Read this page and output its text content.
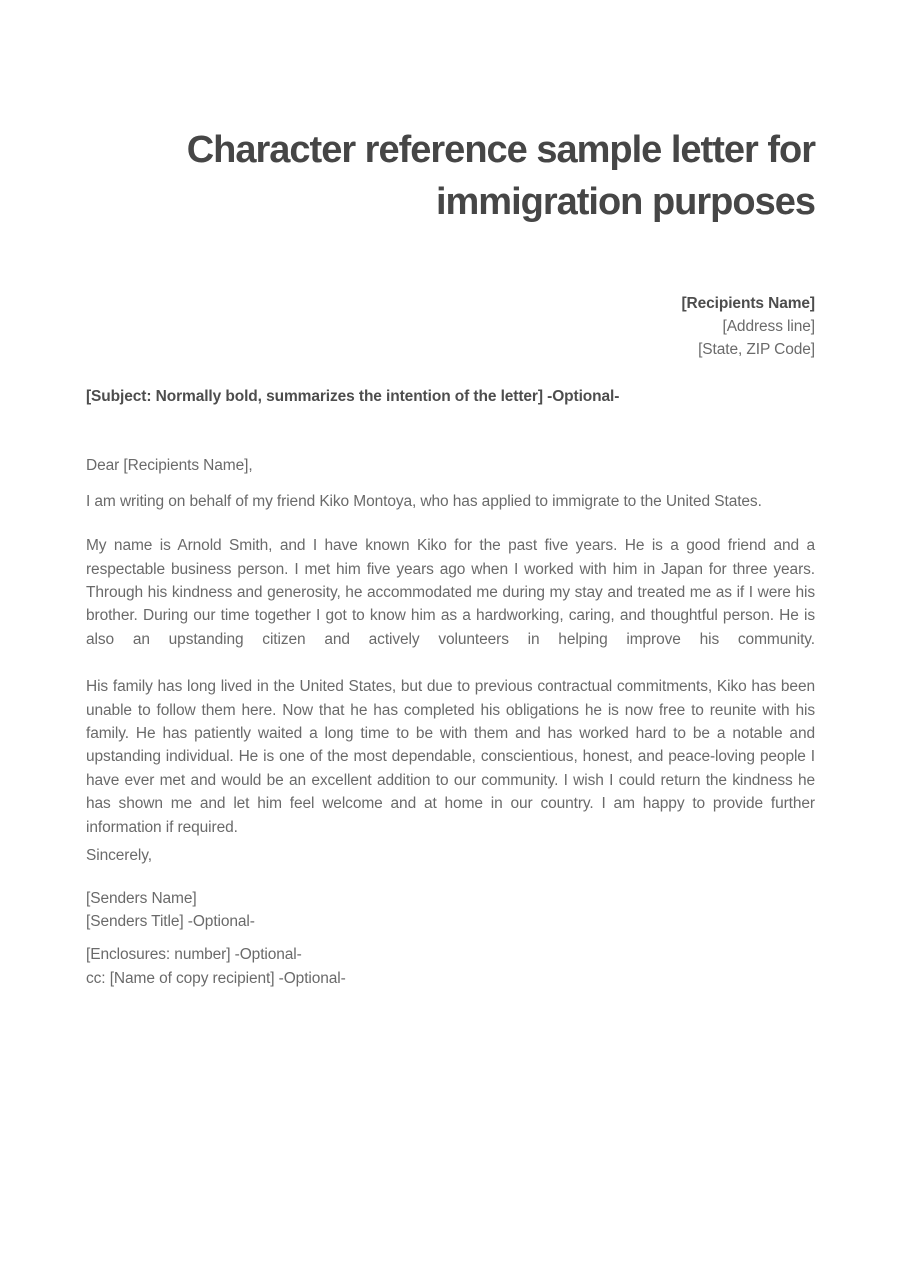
Character reference sample letter for
immigration purposes
[Recipients Name]
[Address line]
[State, ZIP Code]
[Subject: Normally bold, summarizes the intention of the letter] -Optional-
Dear [Recipients Name],

I am writing on behalf of my friend Kiko Montoya, who has applied to immigrate to the United States.

My name is Arnold Smith, and I have known Kiko for the past five years. He is a good friend and a respectable business person. I met him five years ago when I worked with him in Japan for three years. Through his kindness and generosity, he accommodated me during my stay and treated me as if I were his brother. During our time together I got to know him as a hardworking, caring, and thoughtful person. He is also an upstanding citizen and actively volunteers in helping improve his community.

His family has long lived in the United States, but due to previous contractual commitments, Kiko has been unable to follow them here. Now that he has completed his obligations he is now free to reunite with his family. He has patiently waited a long time to be with them and has worked hard to be a notable and upstanding individual. He is one of the most dependable, conscientious, honest, and peace-loving people I have ever met and would be an excellent addition to our community. I wish I could return the kindness he has shown me and let him feel welcome and at home in our country. I am happy to provide further information if required.

Sincerely,
[Senders Name]
[Senders Title] -Optional-
[Enclosures: number] -Optional-
cc: [Name of copy recipient] -Optional-
